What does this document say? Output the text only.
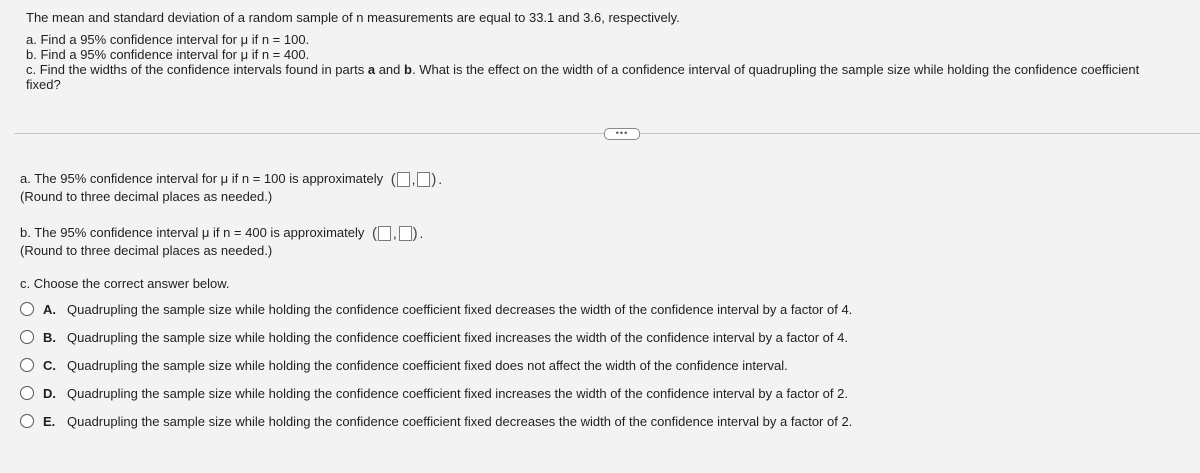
The mean and standard deviation of a random sample of n measurements are equal to 33.1 and 3.6, respectively.

a. Find a 95% confidence interval for μ if n = 100.

b. Find a 95% confidence interval for μ if n = 400.

c. Find the widths of the confidence intervals found in parts a and b. What is the effect on the width of a confidence interval of quadrupling the sample size while holding the confidence coefficient fixed?

•••
a. The 95% confidence interval for μ if n = 100 is approximately ( , ) .
(Round to three decimal places as needed.)
b. The 95% confidence interval μ if n = 400 is approximately ( , ) .
(Round to three decimal places as needed.)
c. Choose the correct answer below.
A. Quadrupling the sample size while holding the confidence coefficient fixed decreases the width of the confidence interval by a factor of 4.
B. Quadrupling the sample size while holding the confidence coefficient fixed increases the width of the confidence interval by a factor of 4.
C. Quadrupling the sample size while holding the confidence coefficient fixed does not affect the width of the confidence interval.
D. Quadrupling the sample size while holding the confidence coefficient fixed increases the width of the confidence interval by a factor of 2.
E. Quadrupling the sample size while holding the confidence coefficient fixed decreases the width of the confidence interval by a factor of 2.
